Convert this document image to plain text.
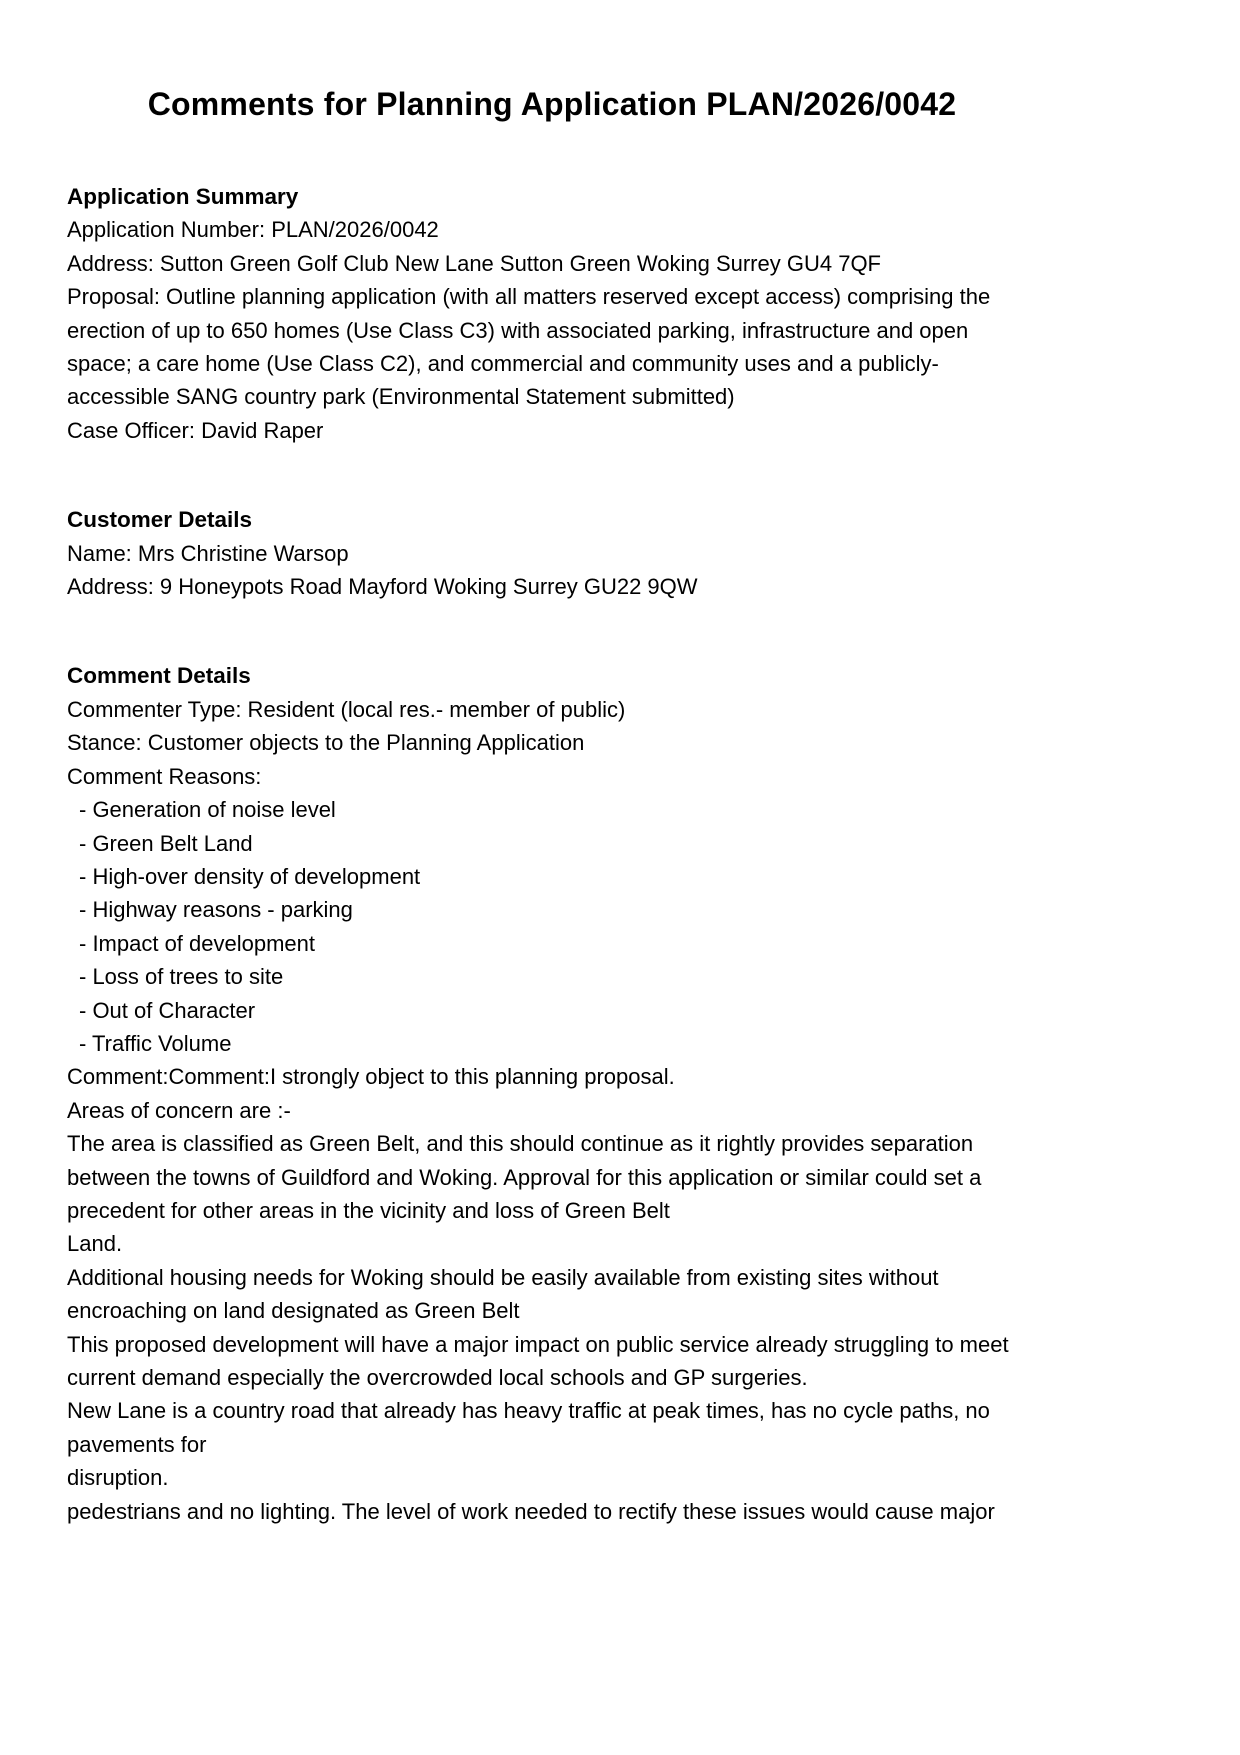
Comments for Planning Application PLAN/2026/0042

Application Summary

Application Number: PLAN/2026/0042

Address: Sutton Green Golf Club New Lane Sutton Green Woking Surrey GU4 7QF

Proposal: Outline planning application (with all matters reserved except access) comprising the erection of up to 650 homes (Use Class C3) with associated parking, infrastructure and open space; a care home (Use Class C2), and commercial and community uses and a publicly-accessible SANG country park (Environmental Statement submitted)

Case Officer: David Raper

Customer Details

Name: Mrs Christine Warsop

Address: 9 Honeypots Road Mayford Woking Surrey GU22 9QW

Comment Details

Commenter Type: Resident (local res.- member of public)

Stance: Customer objects to the Planning Application

Comment Reasons:

- Generation of noise level

- Green Belt Land

- High-over density of development

- Highway reasons - parking

- Impact of development

- Loss of trees to site

- Out of Character

- Traffic Volume

Comment:Comment:I strongly object to this planning proposal.

Areas of concern are :-

The area is classified as Green Belt, and this should continue as it rightly provides separation between the towns of Guildford and Woking. Approval for this application or similar could set a precedent for other areas in the vicinity and loss of Green Belt

Land.

Additional housing needs for Woking should be easily available from existing sites without encroaching on land designated as Green Belt

This proposed development will have a major impact on public service already struggling to meet current demand especially the overcrowded local schools and GP surgeries.

New Lane is a country road that already has heavy traffic at peak times, has no cycle paths, no pavements for

disruption.

pedestrians and no lighting. The level of work needed to rectify these issues would cause major
